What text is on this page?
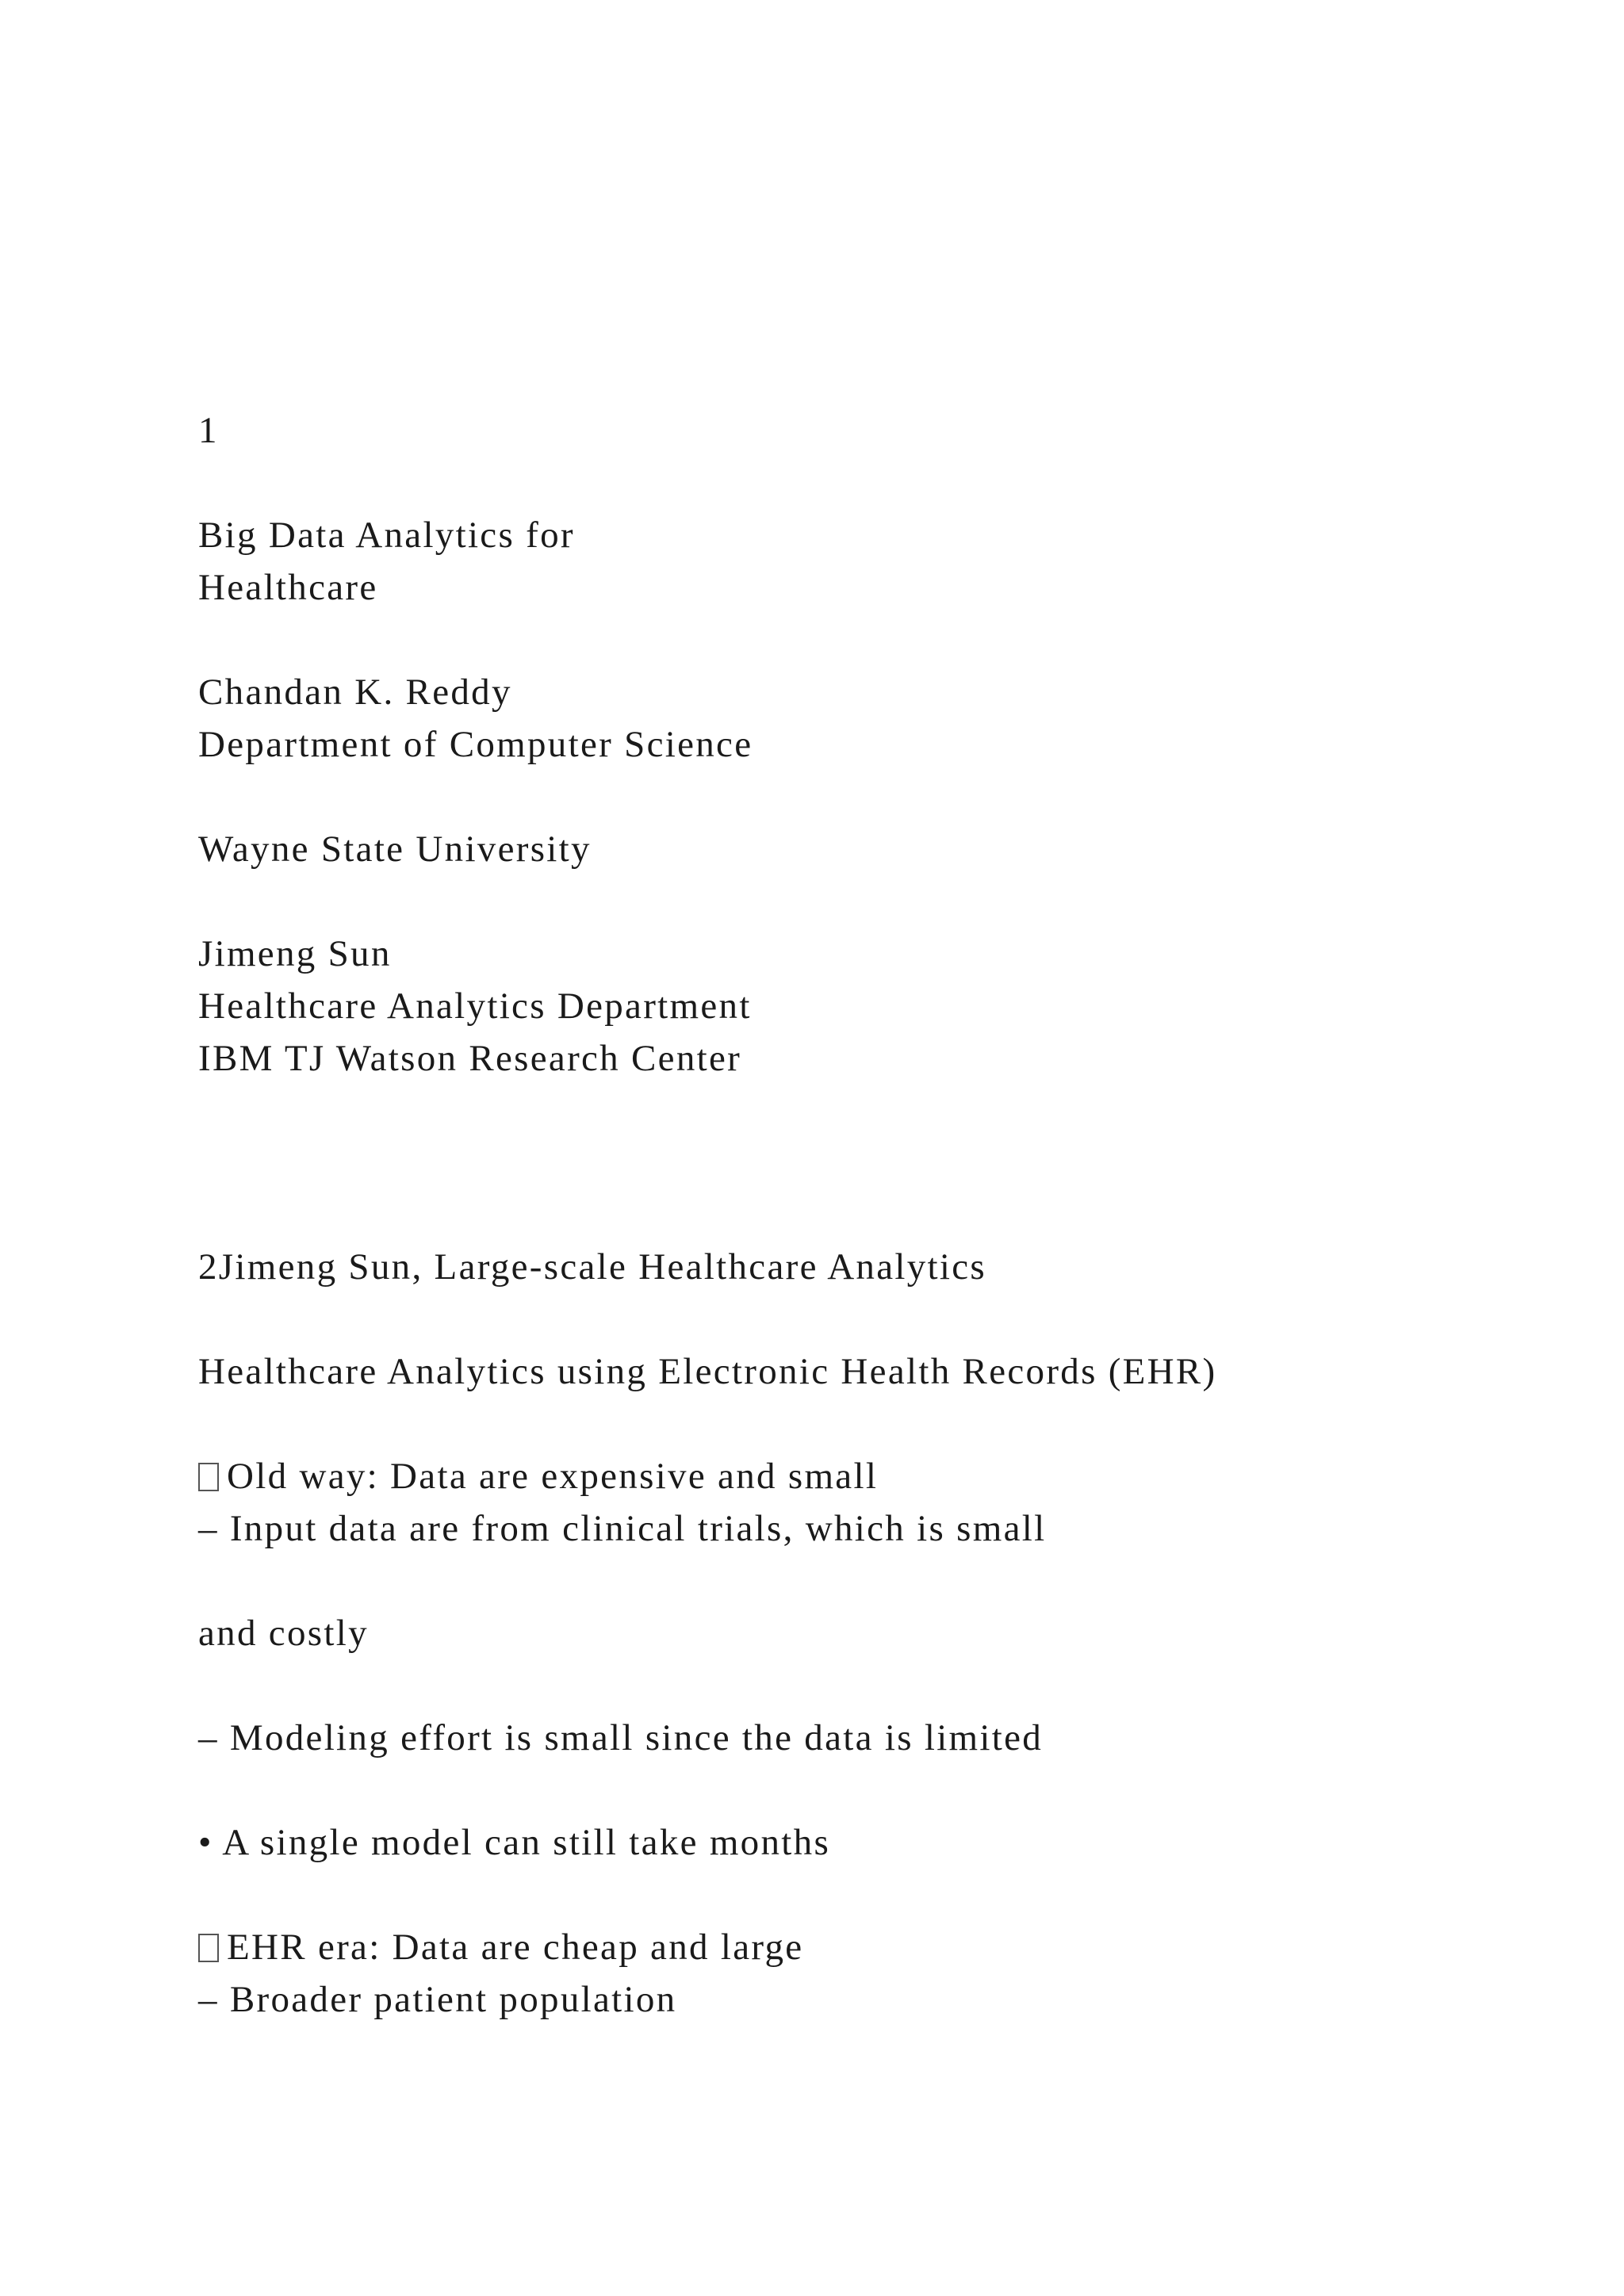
1
Big Data Analytics for
Healthcare
Chandan K. Reddy
Department of Computer Science
Wayne State University
Jimeng Sun
Healthcare Analytics Department
IBM TJ Watson Research Center
2Jimeng Sun, Large-scale Healthcare Analytics
Healthcare Analytics using Electronic Health Records (EHR)
Old way: Data are expensive and small
– Input data are from clinical trials, which is small
and costly
– Modeling effort is small since the data is limited
• A single model can still take months
EHR era: Data are cheap and large
– Broader patient population
